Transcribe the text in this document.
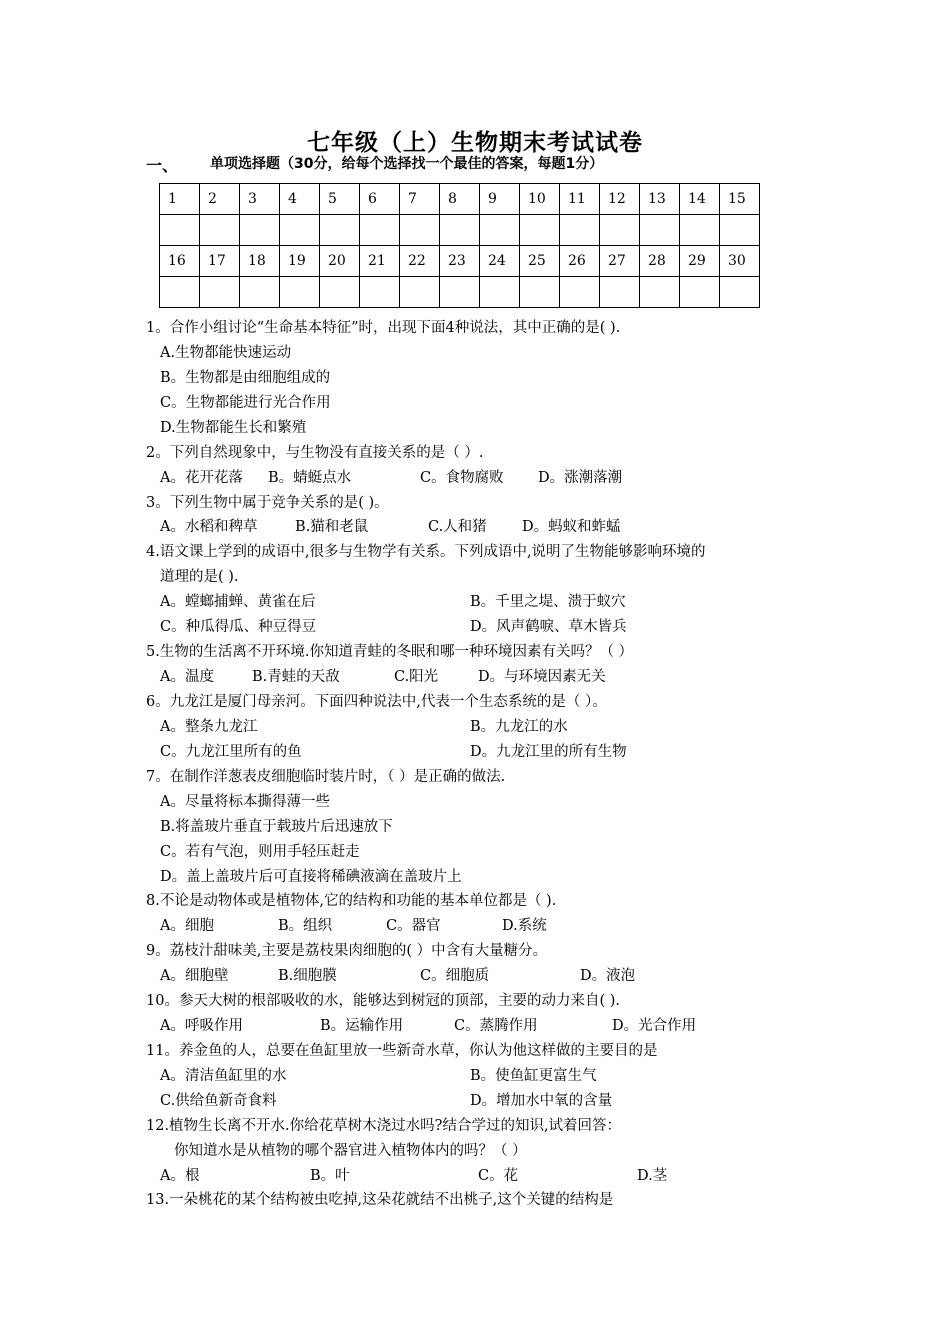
七年级（上）生物期末考试试卷
一、 单项选择题（30分，给每个选择找一个最佳的答案，每题1分）
1	2	3	4	5	6	7	8	9	10	11	12	13	14	15

16	17	18	19	20	21	22	23	24	25	26	27	28	29	30

1。合作小组讨论“生命基本特征”时，出现下面4种说法，其中正确的是( ).
A.生物都能快速运动
B。生物都是由细胞组成的
C。生物都能进行光合作用
D.生物都能生长和繁殖
2。下列自然现象中，与生物没有直接关系的是（ ）.
A。花开花落 B。蜻蜓点水	C。食物腐败 D。涨潮落潮
3。下列生物中属于竞争关系的是( )。
A。水稻和稗草	B.猫和老鼠	C.人和猪 D。蚂蚁和蚱蜢
4.语文课上学到的成语中,很多与生物学有关系。下列成语中,说明了生物能够影响环境的
道理的是( ).
A。螳螂捕蝉、黄雀在后	B。千里之堤、溃于蚁穴
C。种瓜得瓜、种豆得豆	D。风声鹤唳、草木皆兵
5.生物的生活离不开环境.你知道青蛙的冬眠和哪一种环境因素有关吗？（ ）
A。温度	B.青蛙的天敌	C.阳光	D。与环境因素无关
6。九龙江是厦门母亲河。下面四种说法中,代表一个生态系统的是（ ）。
A。整条九龙江	B。九龙江的水
C。九龙江里所有的鱼	D。九龙江里的所有生物
7。在制作洋葱表皮细胞临时装片时，（ ）是正确的做法.
A。尽量将标本撕得薄一些
B.将盖玻片垂直于载玻片后迅速放下
C。若有气泡，则用手轻压赶走
D。盖上盖玻片后可直接将稀碘液滴在盖玻片上
8.不论是动物体或是植物体,它的结构和功能的基本单位都是（ ).
A。细胞	B。组织	C。器官	D.系统
9。荔枝汁甜味美,主要是荔枝果肉细胞的( ）中含有大量糖分。
A。细胞壁	B.细胞膜	C。细胞质	D。液泡
10。参天大树的根部吸收的水，能够达到树冠的顶部，主要的动力来自( ).
A。呼吸作用	B。运输作用	C。蒸腾作用	D。光合作用
11。养金鱼的人，总要在鱼缸里放一些新奇水草，你认为他这样做的主要目的是
A。清洁鱼缸里的水	B。使鱼缸更富生气
C.供给鱼新奇食料	D。增加水中氧的含量
12.植物生长离不开水.你给花草树木浇过水吗?结合学过的知识,试着回答：
你知道水是从植物的哪个器官进入植物体内的吗？（ ）
A。根	B。叶	C。花	D.茎
13.一朵桃花的某个结构被虫吃掉,这朵花就结不出桃子,这个关键的结构是
